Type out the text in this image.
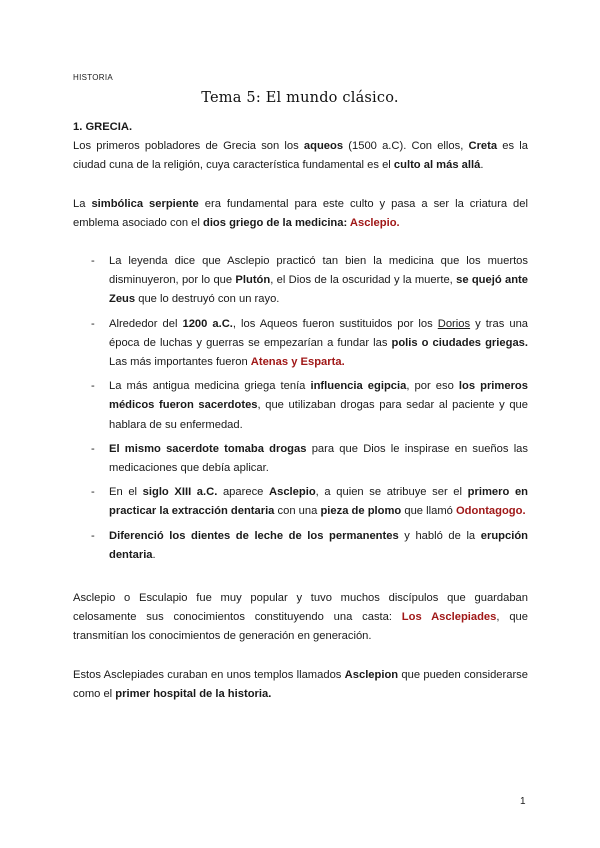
HISTORIA
Tema 5: El mundo clásico.

1. GRECIA.

Los primeros pobladores de Grecia son los aqueos (1500 a.C). Con ellos, Creta es la ciudad cuna de la religión, cuya característica fundamental es el culto al más allá.

La simbólica serpiente era fundamental para este culto y pasa a ser la criatura del emblema asociado con el dios griego de la medicina: Asclepio.

- La leyenda dice que Asclepio practicó tan bien la medicina que los muertos disminuyeron, por lo que Plutón, el Dios de la oscuridad y la muerte, se quejó ante Zeus que lo destruyó con un rayo.
- Alrededor del 1200 a.C., los Aqueos fueron sustituidos por los Dorios y tras una época de luchas y guerras se empezarían a fundar las polis o ciudades griegas. Las más importantes fueron Atenas y Esparta.
- La más antigua medicina griega tenía influencia egipcia, por eso los primeros médicos fueron sacerdotes, que utilizaban drogas para sedar al paciente y que hablara de su enfermedad.
- El mismo sacerdote tomaba drogas para que Dios le inspirase en sueños las medicaciones que debía aplicar.
- En el siglo XIII a.C. aparece Asclepio, a quien se atribuye ser el primero en practicar la extracción dentaria con una pieza de plomo que llamó Odontagogo.
- Diferenció los dientes de leche de los permanentes y habló de la erupción dentaria.

Asclepio o Esculapio fue muy popular y tuvo muchos discípulos que guardaban celosamente sus conocimientos constituyendo una casta: Los Asclepiades, que transmitían los conocimientos de generación en generación.

Estos Asclepiades curaban en unos templos llamados Asclepion que pueden considerarse como el primer hospital de la historia.

1
